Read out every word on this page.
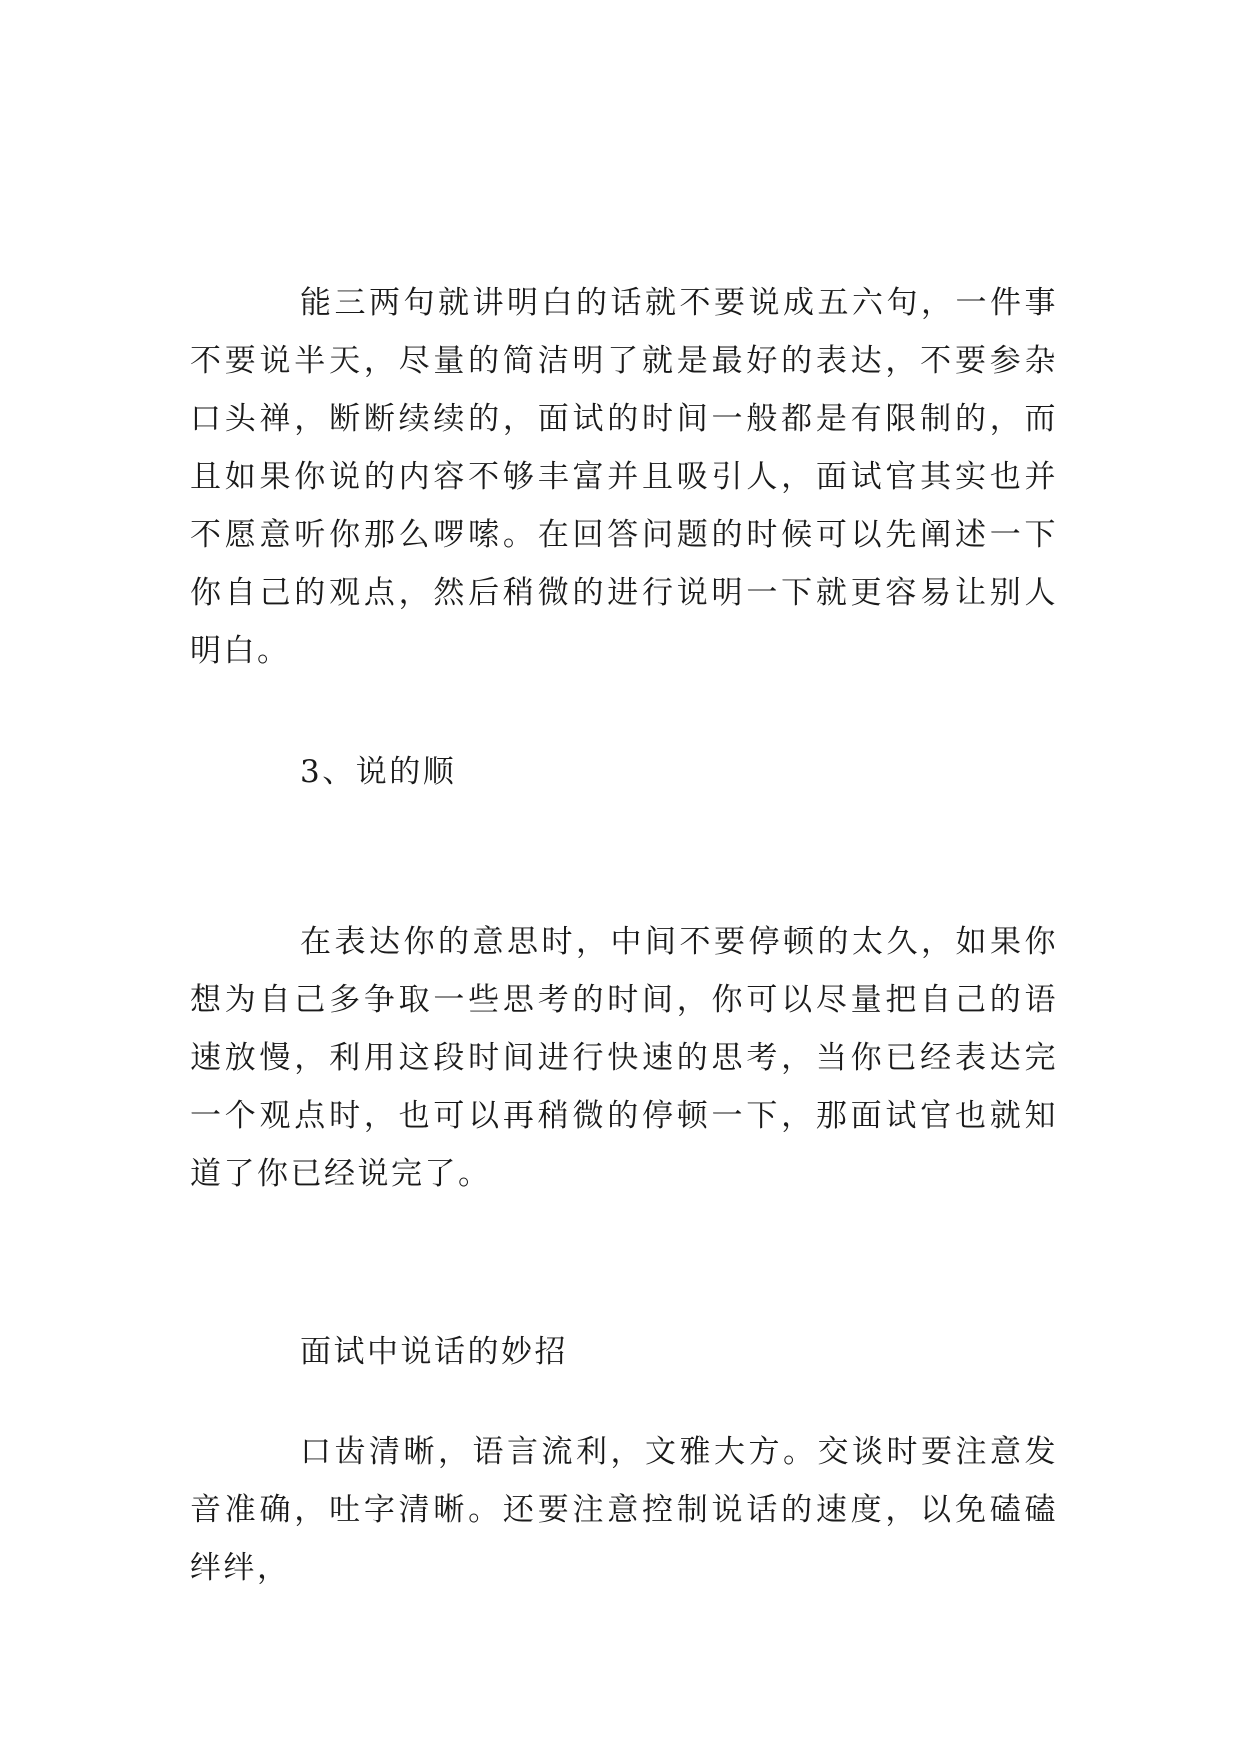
能三两句就讲明白的话就不要说成五六句，一件事不要说半天，尽量的简洁明了就是最好的表达，不要参杂口头禅，断断续续的，面试的时间一般都是有限制的，而且如果你说的内容不够丰富并且吸引人，面试官其实也并不愿意听你那么啰嗦。在回答问题的时候可以先阐述一下你自己的观点，然后稍微的进行说明一下就更容易让别人明白。

3、说的顺

在表达你的意思时，中间不要停顿的太久，如果你想为自己多争取一些思考的时间，你可以尽量把自己的语速放慢，利用这段时间进行快速的思考，当你已经表达完一个观点时，也可以再稍微的停顿一下，那面试官也就知道了你已经说完了。

面试中说话的妙招

口齿清晰，语言流利，文雅大方。交谈时要注意发音准确，吐字清晰。还要注意控制说话的速度，以免磕磕绊绊，
